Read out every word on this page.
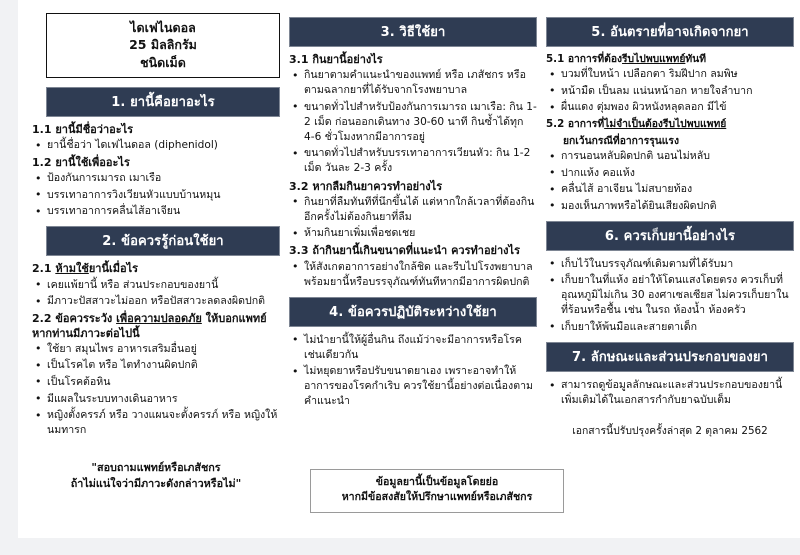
ไดเฟไนดอล
25 มิลลิกรัม
ชนิดเม็ด
1. ยานี้คือยาอะไร
1.1 ยานี้มีชื่อว่าอะไร
• ยานี้ชื่อว่า ไดเฟไนดอล (diphenidol)
1.2 ยานี้ใช้เพื่ออะไร
• ป้องกันการเมารถ เมาเรือ
• บรรเทาอาการวิงเวียนหัวแบบบ้านหมุน
• บรรเทาอาการคลื่นไส้อาเจียน
2. ข้อควรรู้ก่อนใช้ยา
2.1 ห้ามใช้ยานี้เมื่อไร
• เคยแพ้ยานี้ หรือ ส่วนประกอบของยานี้
• มีภาวะปัสสาวะไม่ออก หรือปัสสาวะลดลงผิดปกติ
2.2 ข้อควรระวัง เพื่อความปลอดภัย ให้บอกแพทย์หากท่านมีภาวะต่อไปนี้
• ใช้ยา สมุนไพร อาหารเสริมอื่นอยู่
• เป็นโรคไต หรือ ไตทำงานผิดปกติ
• เป็นโรคต้อหิน
• มีแผลในระบบทางเดินอาหาร
• หญิงตั้งครรภ์ หรือ วางแผนจะตั้งครรภ์ หรือ หญิงให้นมทารก
"สอบถามแพทย์หรือเภสัชกร
ถ้าไม่แน่ใจว่ามีภาวะดังกล่าวหรือไม่"
3. วิธีใช้ยา
3.1 กินยานี้อย่างไร
• กินยาตามคำแนะนำของแพทย์ หรือ เภสัชกร หรือ ตามฉลากยาที่ได้รับจากโรงพยาบาล
• ขนาดทั่วไปสำหรับป้องกันการเมารถ เมาเรือ: กิน 1-2 เม็ด ก่อนออกเดินทาง 30-60 นาที กินซ้ำได้ทุก 4-6 ชั่วโมงหากมีอาการอยู่
• ขนาดทั่วไปสำหรับบรรเทาอาการเวียนหัว: กิน 1-2 เม็ด วันละ 2-3 ครั้ง
3.2 หากลืมกินยาควรทำอย่างไร
• กินยาที่ลืมทันทีที่นึกขึ้นได้ แต่หากใกล้เวลาที่ต้องกินอีกครั้งไม่ต้องกินยาที่ลืม
• ห้ามกินยาเพิ่มเพื่อชดเชย
3.3 ถ้ากินยานี้เกินขนาดที่แนะนำ ควรทำอย่างไร
• ให้สังเกตอาการอย่างใกล้ชิด และรีบไปโรงพยาบาลพร้อมยานี้หรือบรรจุภัณฑ์ทันทีหากมีอาการผิดปกติ
4. ข้อควรปฏิบัติระหว่างใช้ยา
• ไม่นำยานี้ให้ผู้อื่นกิน ถึงแม้ว่าจะมีอาการหรือโรคเช่นเดียวกัน
• ไม่หยุดยาหรือปรับขนาดยาเอง เพราะอาจทำให้อาการของโรคกำเริบ ควรใช้ยานี้อย่างต่อเนื่องตามคำแนะนำ
5. อันตรายที่อาจเกิดจากยา
5.1 อาการที่ต้องรีบไปพบแพทย์ทันที
• บวมที่ใบหน้า เปลือกตา ริมฝีปาก ลมพิษ
• หน้ามืด เป็นลม แน่นหน้าอก หายใจลำบาก
• ผื่นแดง ตุ่มพอง ผิวหนังหลุดลอก มีไข้
5.2 อาการที่ไม่จำเป็นต้องรีบไปพบแพทย์
ยกเว้นกรณีที่อาการรุนแรง
• การนอนหลับผิดปกติ นอนไม่หลับ
• ปากแห้ง คอแห้ง
• คลื่นไส้ อาเจียน ไม่สบายท้อง
• มองเห็นภาพหรือได้ยินเสียงผิดปกติ
6. ควรเก็บยานี้อย่างไร
• เก็บไว้ในบรรจุภัณฑ์เดิมตามที่ได้รับมา
• เก็บยาในที่แห้ง อย่าให้โดนแสงโดยตรง ควรเก็บที่อุณหภูมิไม่เกิน 30 องศาเซลเซียส ไม่ควรเก็บยาในที่ร้อนหรือชื้น เช่น ในรถ ห้องน้ำ ห้องครัว
• เก็บยาให้พ้นมือและสายตาเด็ก
7. ลักษณะและส่วนประกอบของยา
• สามารถดูข้อมูลลักษณะและส่วนประกอบของยานี้เพิ่มเติมได้ในเอกสารกำกับยาฉบับเต็ม
เอกสารนี้ปรับปรุงครั้งล่าสุด 2 ตุลาคม 2562
ข้อมูลยานี้เป็นข้อมูลโดยย่อ
หากมีข้อสงสัยให้ปรึกษาแพทย์หรือเภสัชกร
